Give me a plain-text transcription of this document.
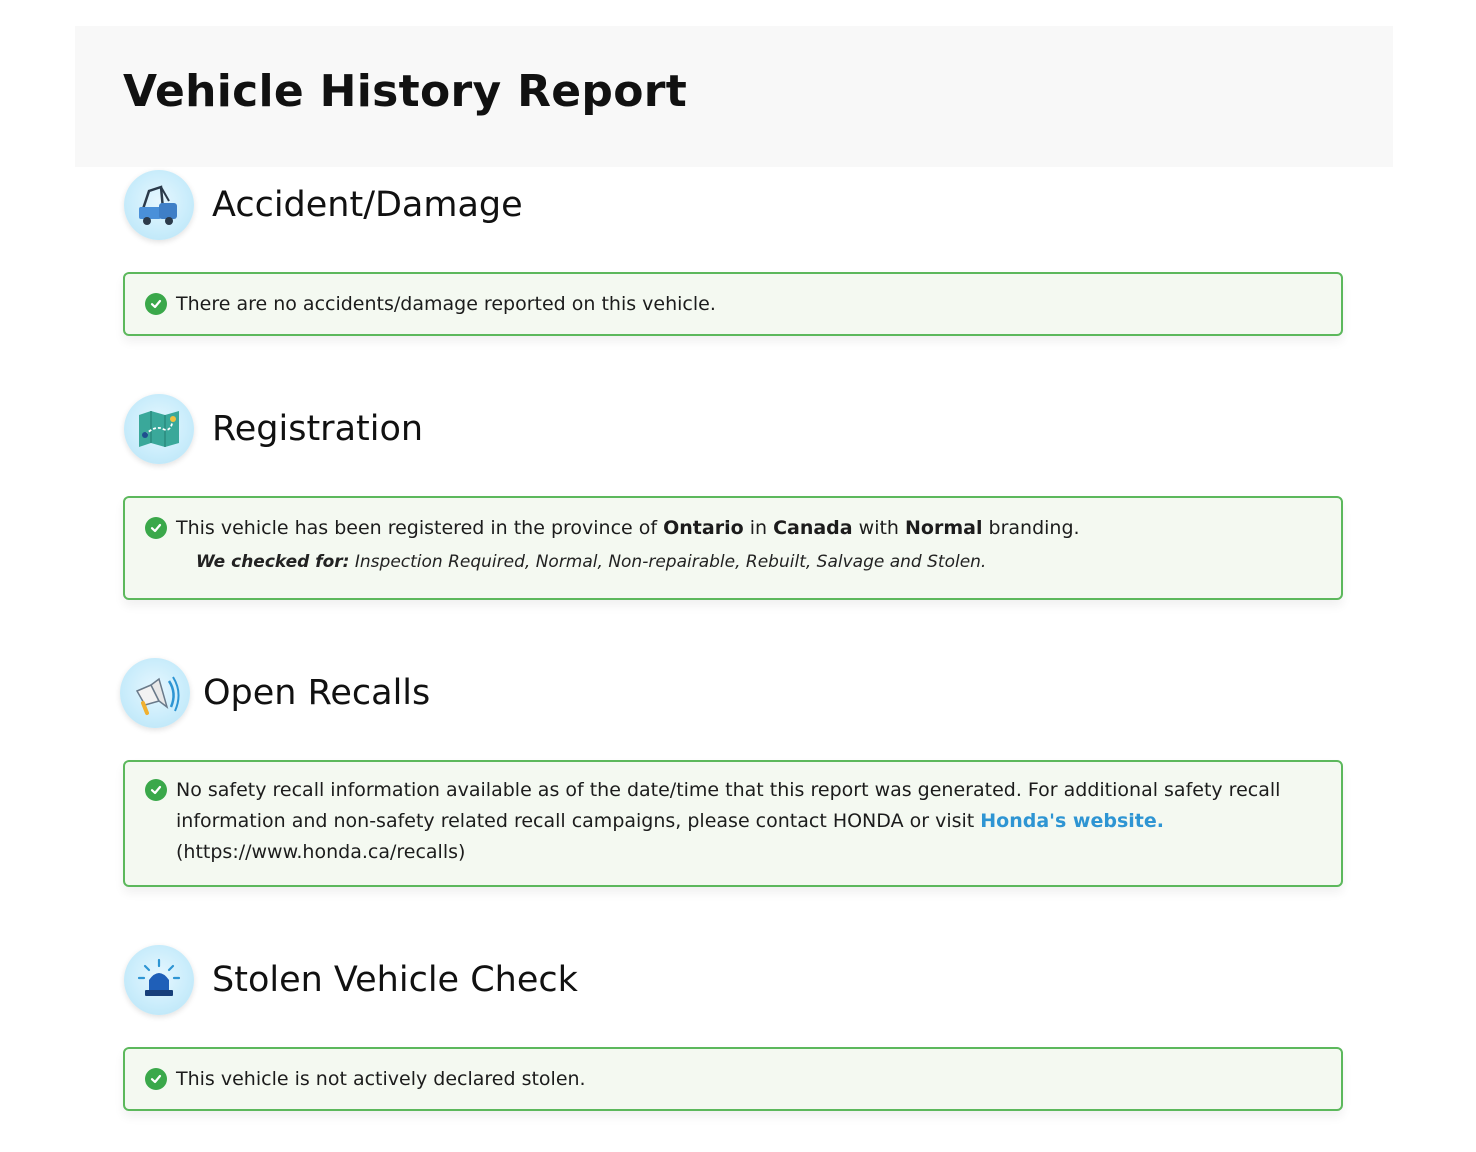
Vehicle History Report
Accident/Damage
There are no accidents/damage reported on this vehicle.
Registration
This vehicle has been registered in the province of Ontario in Canada with Normal branding.
We checked for: Inspection Required, Normal, Non-repairable, Rebuilt, Salvage and Stolen.
Open Recalls
No safety recall information available as of the date/time that this report was generated. For additional safety recall information and non-safety related recall campaigns, please contact HONDA or visit Honda's website.
(https://www.honda.ca/recalls)
Stolen Vehicle Check
This vehicle is not actively declared stolen.
